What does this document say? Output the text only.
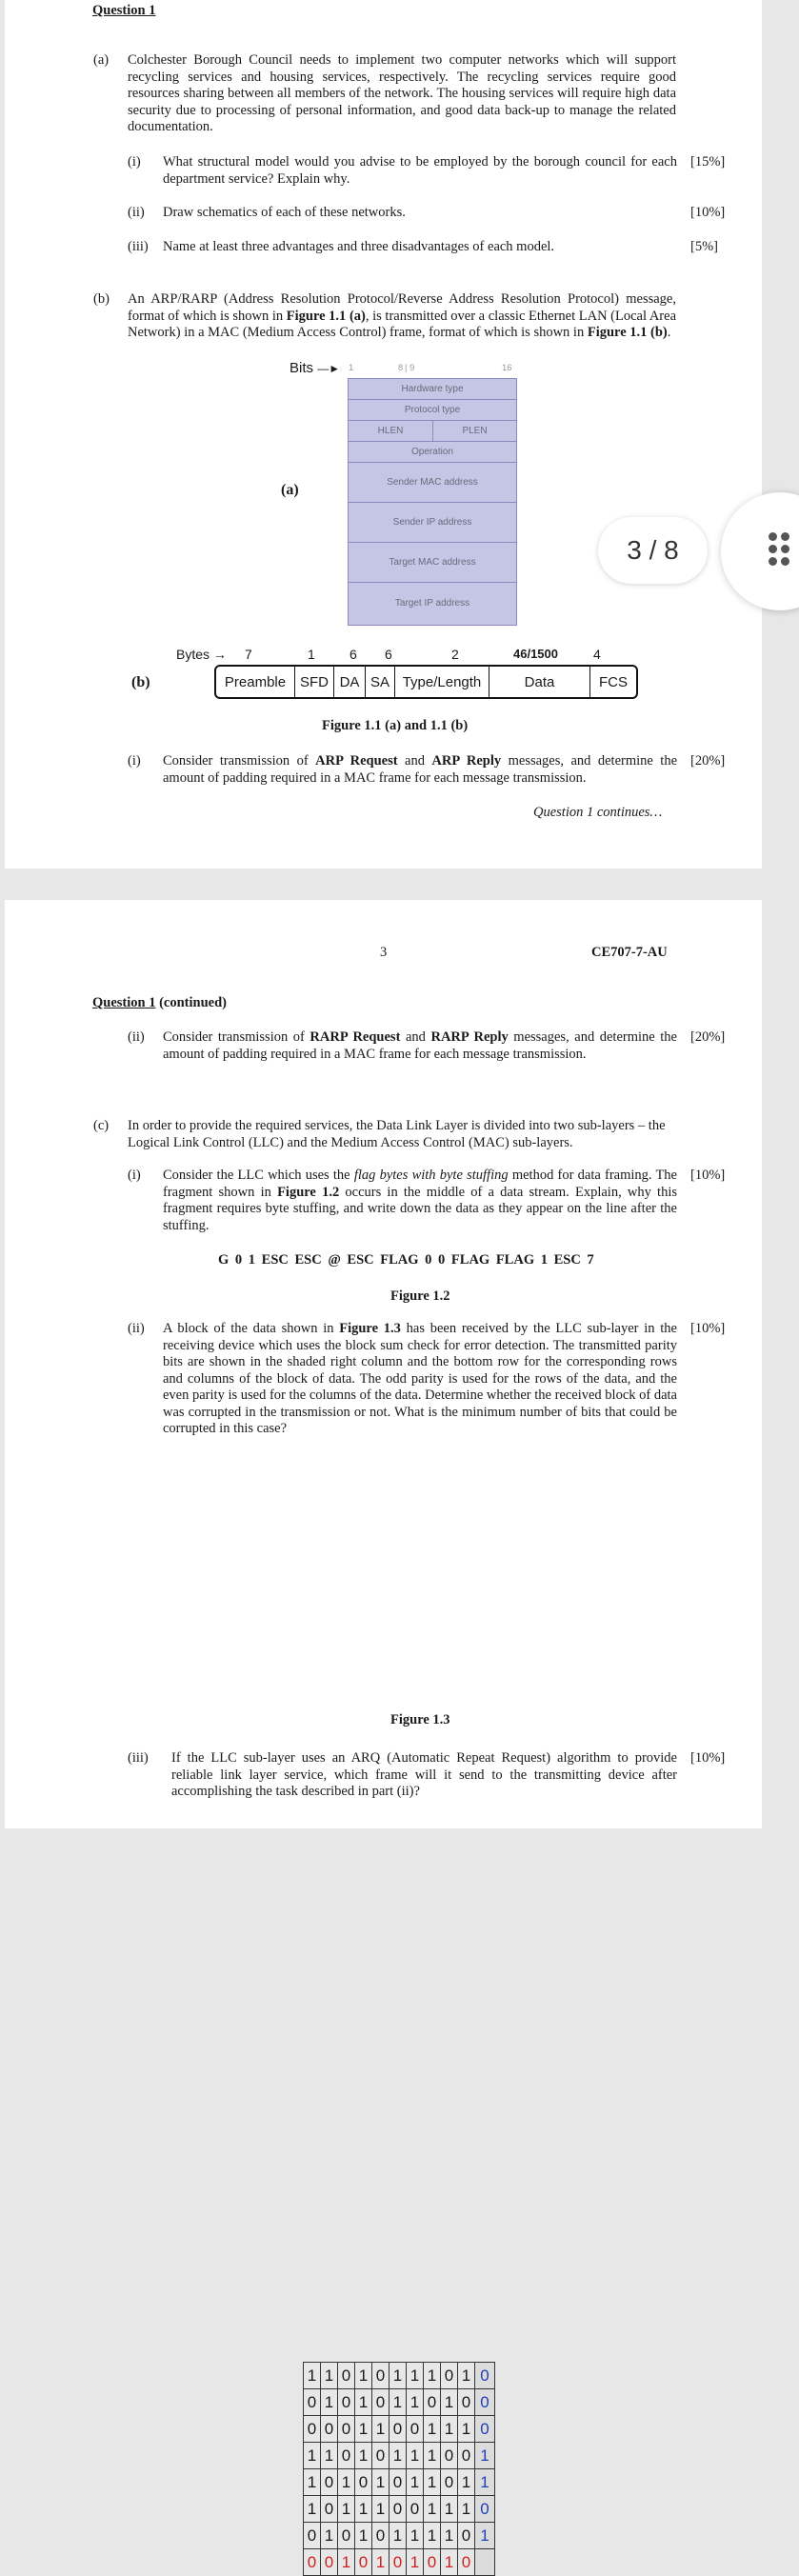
Question 1
(a) Colchester Borough Council needs to implement two computer networks which will support recycling services and housing services, respectively. The recycling services require good resources sharing between all members of the network. The housing services will require high data security due to processing of personal information, and good data back-up to manage the related documentation.
(i) What structural model would you advise to be employed by the borough council for each department service? Explain why.
[15%]
(ii) Draw schematics of each of these networks.	[10%]
(iii) Name at least three advantages and three disadvantages of each model.	[5%]
(b) An ARP/RARP (Address Resolution Protocol/Reverse Address Resolution Protocol) message, format of which is shown in Figure 1.1 (a), is transmitted over a classic Ethernet LAN (Local Area Network) in a MAC (Medium Access Control) frame, format of which is shown in Figure 1.1 (b).
Bits —► 1	8 | 9	16
(a)
Hardware type
Protocol type
HLEN	PLEN
Operation
Sender MAC address
Sender IP address
Target MAC address
Target IP address
(b)
Bytes → 7	1	6 6	2	46/1500	4
Preamble SFD DA SA Type/Length	Data	FCS
Figure 1.1 (a) and 1.1 (b)
(i) Consider transmission of ARP Request and ARP Reply messages, and determine the amount of padding required in a MAC frame for each message transmission.
[20%]
Question 1 continues…
3 / 8
3	CE707-7-AU
Question 1 (continued)
(ii) Consider transmission of RARP Request and RARP Reply messages, and determine the amount of padding required in a MAC frame for each message transmission.
[20%]
(c) In order to provide the required services, the Data Link Layer is divided into two sub-layers – the Logical Link Control (LLC) and the Medium Access Control (MAC) sub-layers.
(i) Consider the LLC which uses the flag bytes with byte stuffing method for data framing. The fragment shown in Figure 1.2 occurs in the middle of a data stream. Explain, why this fragment requires byte stuffing, and write down the data as they appear on the line after the stuffing.
[10%]
G 0 1 ESC ESC @ ESC FLAG 0 0 FLAG FLAG 1 ESC 7
Figure 1.2
(ii) A block of the data shown in Figure 1.3 has been received by the LLC sub-layer in the receiving device which uses the block sum check for error detection. The transmitted parity bits are shown in the shaded right column and the bottom row for the corresponding rows and columns of the block of data. The odd parity is used for the rows of the data, and the even parity is used for the columns of the data. Determine whether the received block of data was corrupted in the transmission or not. What is the minimum number of bits that could be corrupted in this case?
[10%]
1	1	0	1	0	1	1	1	0	1	0
0	1	0	1	0	1	1	0	1	0	0
0	0	0	1	1	0	0	1	1	1	0
1	1	0	1	0	1	1	1	0	0	1
1	0	1	0	1	0	1	1	0	1	1
1	0	1	1	1	0	0	1	1	1	0
0	1	0	1	0	1	1	1	1	0	1
0	0	1	0	1	0	1	0	1	0	
Figure 1.3
(iii) If the LLC sub-layer uses an ARQ (Automatic Repeat Request) algorithm to provide reliable link layer service, which frame will it send to the transmitting device after accomplishing the task described in part (ii)?
[10%]
